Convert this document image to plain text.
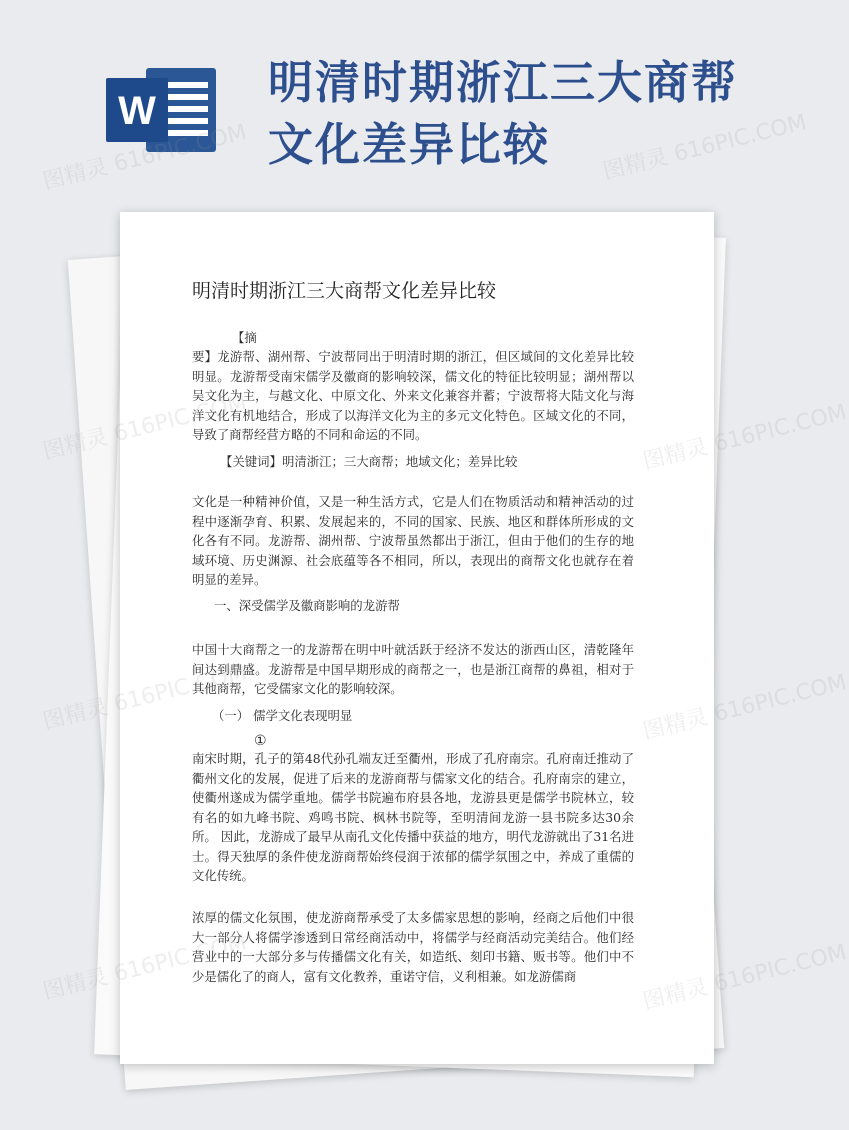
W
明清时期浙江三大商帮
文化差异比较
明清时期浙江三大商帮文化差异比较

【摘

要】龙游帮、湖州帮、宁波帮同出于明清时期的浙江，但区域间的文化差异比较明显。龙游帮受南宋儒学及徽商的影响较深，儒文化的特征比较明显；湖州帮以吴文化为主，与越文化、中原文化、外来文化兼容并蓄；宁波帮将大陆文化与海洋文化有机地结合，形成了以海洋文化为主的多元文化特色。区域文化的不同，导致了商帮经营方略的不同和命运的不同。

【关键词】明清浙江；三大商帮；地域文化；差异比较

文化是一种精神价值，又是一种生活方式，它是人们在物质活动和精神活动的过程中逐渐孕育、积累、发展起来的，不同的国家、民族、地区和群体所形成的文化各有不同。龙游帮、湖州帮、宁波帮虽然都出于浙江，但由于他们的生存的地域环境、历史渊源、社会底蕴等各不相同，所以，表现出的商帮文化也就存在着明显的差异。

一、深受儒学及徽商影响的龙游帮

中国十大商帮之一的龙游帮在明中叶就活跃于经济不发达的浙西山区，清乾隆年间达到鼎盛。龙游帮是中国早期形成的商帮之一，也是浙江商帮的鼻祖，相对于其他商帮，它受儒家文化的影响较深。

（一） 儒学文化表现明显

①

南宋时期，孔子的第48代孙孔端友迁至衢州，形成了孔府南宗。孔府南迁推动了衢州文化的发展，促进了后来的龙游商帮与儒家文化的结合。孔府南宗的建立，使衢州遂成为儒学重地。儒学书院遍布府县各地，龙游县更是儒学书院林立，较有名的如九峰书院、鸡鸣书院、枫林书院等，至明清间龙游一县书院多达30余所。 因此，龙游成了最早从南孔文化传播中获益的地方，明代龙游就出了31名进士。得天独厚的条件使龙游商帮始终侵润于浓郁的儒学氛围之中，养成了重儒的文化传统。

浓厚的儒文化氛围，使龙游商帮承受了太多儒家思想的影响，经商之后他们中很大一部分人将儒学渗透到日常经商活动中，将儒学与经商活动完美结合。他们经营业中的一大部分多与传播儒文化有关，如造纸、刻印书籍、贩书等。他们中不少是儒化了的商人，富有文化教养，重诺守信，义利相兼。如龙游儒商

图精灵 616PIC.COM	图精灵 616PIC.COM
图精灵	图精灵 616PIC.COM
图精灵	图精灵 616PIC.COM
图精灵	图精灵 616PIC.COM
